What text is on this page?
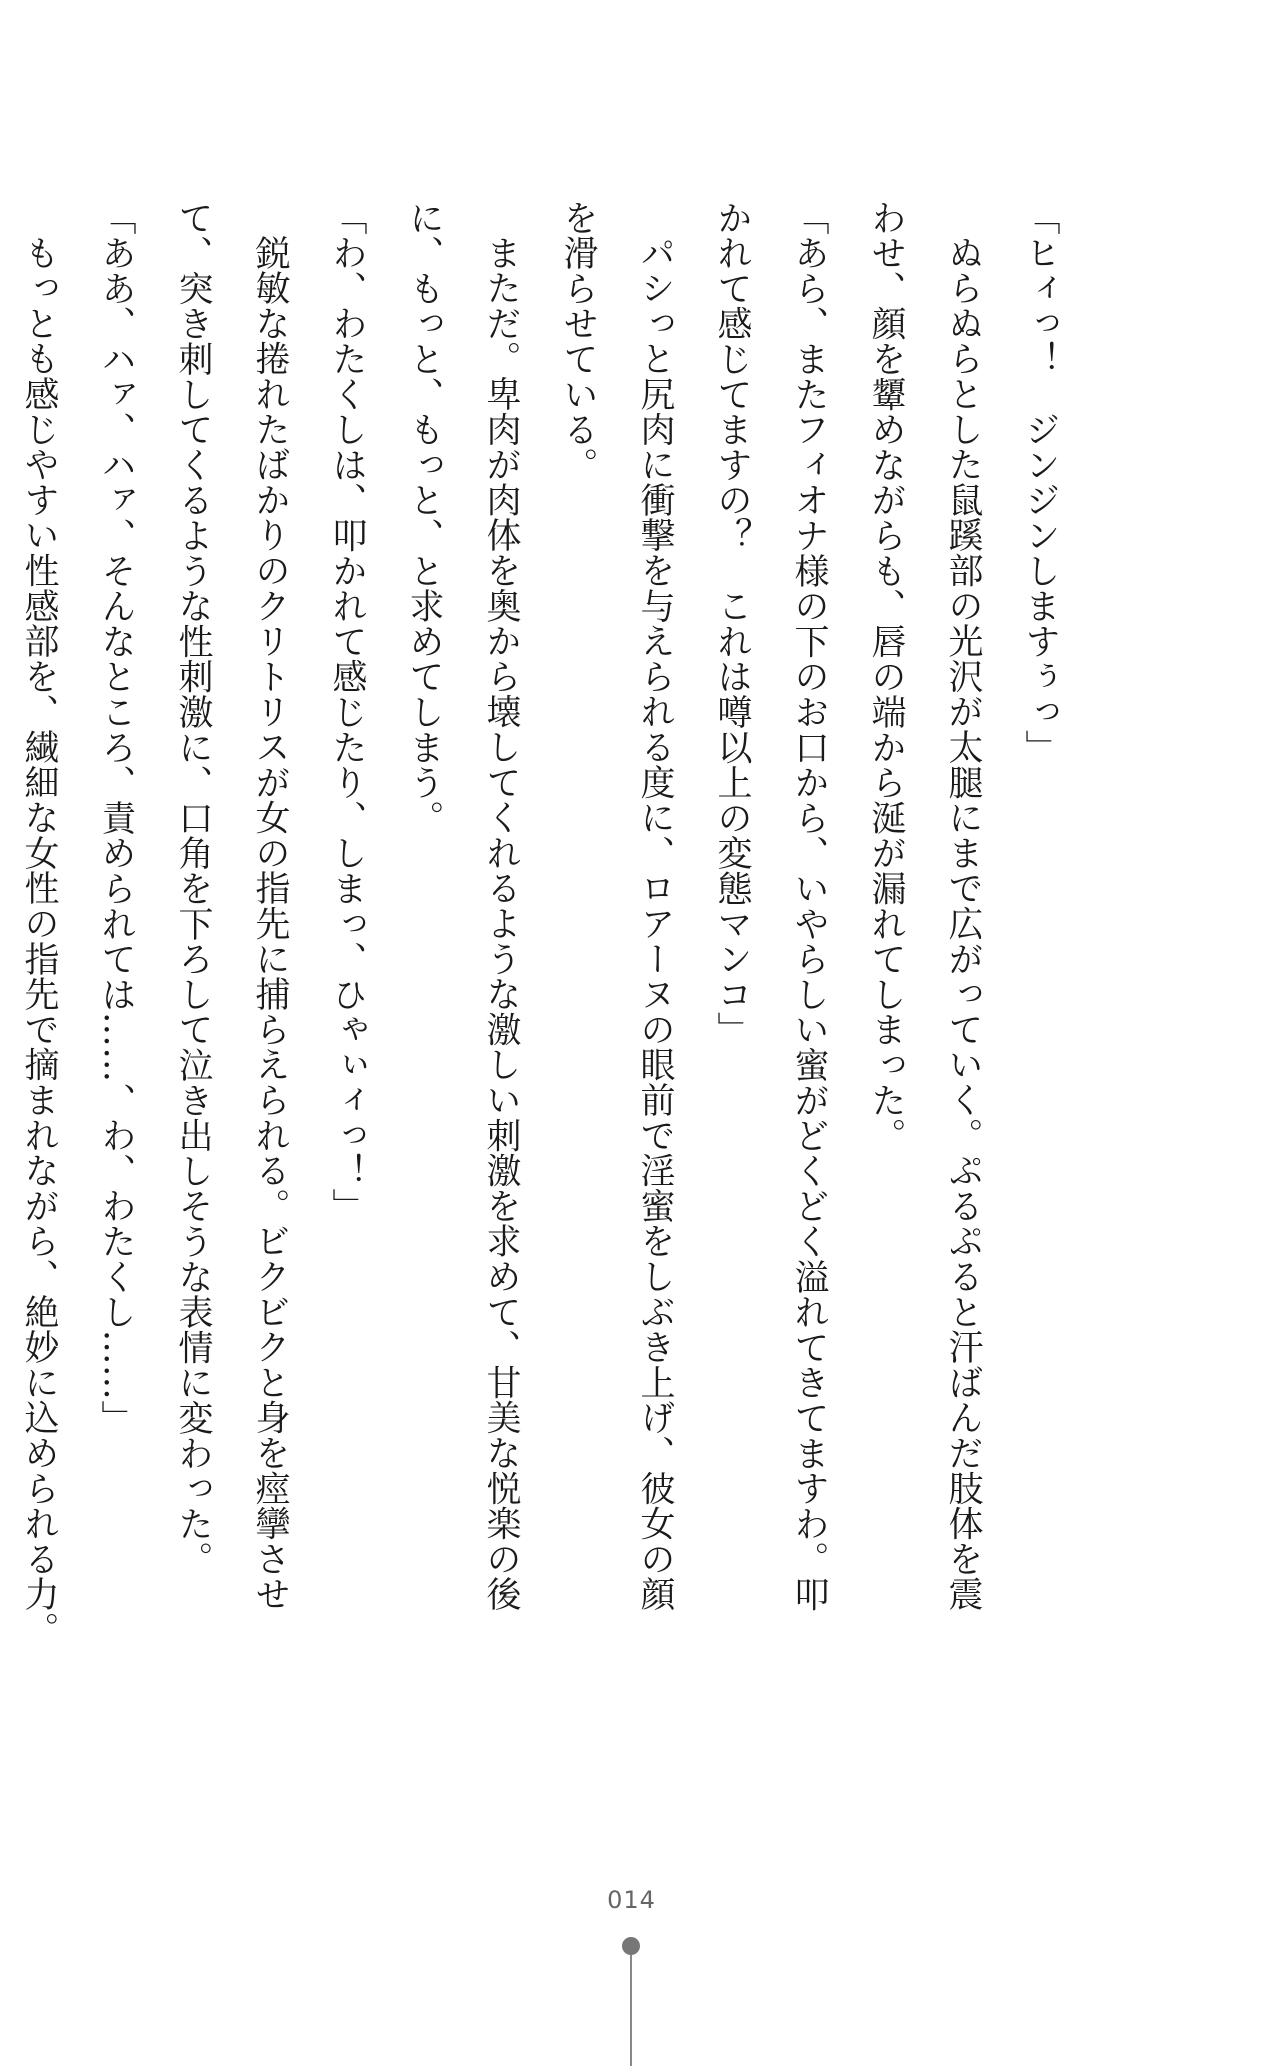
「ヒィっ！　ジンジンしますぅっ」

ぬらぬらとした鼠蹊部の光沢が太腿にまで広がっていく。ぷるぷると汗ばんだ肢体を震

わせ、顔を顰めながらも、唇の端から涎が漏れてしまった。

「あら、またフィオナ様の下のお口から、いやらしい蜜がどくどく溢れてきてますわ。叩

かれて感じてますの？　これは噂以上の変態マンコ」

パシっと尻肉に衝撃を与えられる度に、ロアーヌの眼前で淫蜜をしぶき上げ、彼女の顔

を滑らせている。

まただ。卑肉が肉体を奥から壊してくれるような激しい刺激を求めて、甘美な悦楽の後

に、もっと、もっと、と求めてしまう。

「わ、わたくしは、叩かれて感じたり、しまっ、ひゃぃィっ！」

鋭敏な捲れたばかりのクリトリスが女の指先に捕らえられる。ビクビクと身を痙攣させ

て、突き刺してくるような性刺激に、口角を下ろして泣き出しそうな表情に変わった。

「ああ、ハァ、ハァ、そんなところ、責められては……、わ、わたくし……」

もっとも感じやすい性感部を、繊細な女性の指先で摘まれながら、絶妙に込められる力。

014
